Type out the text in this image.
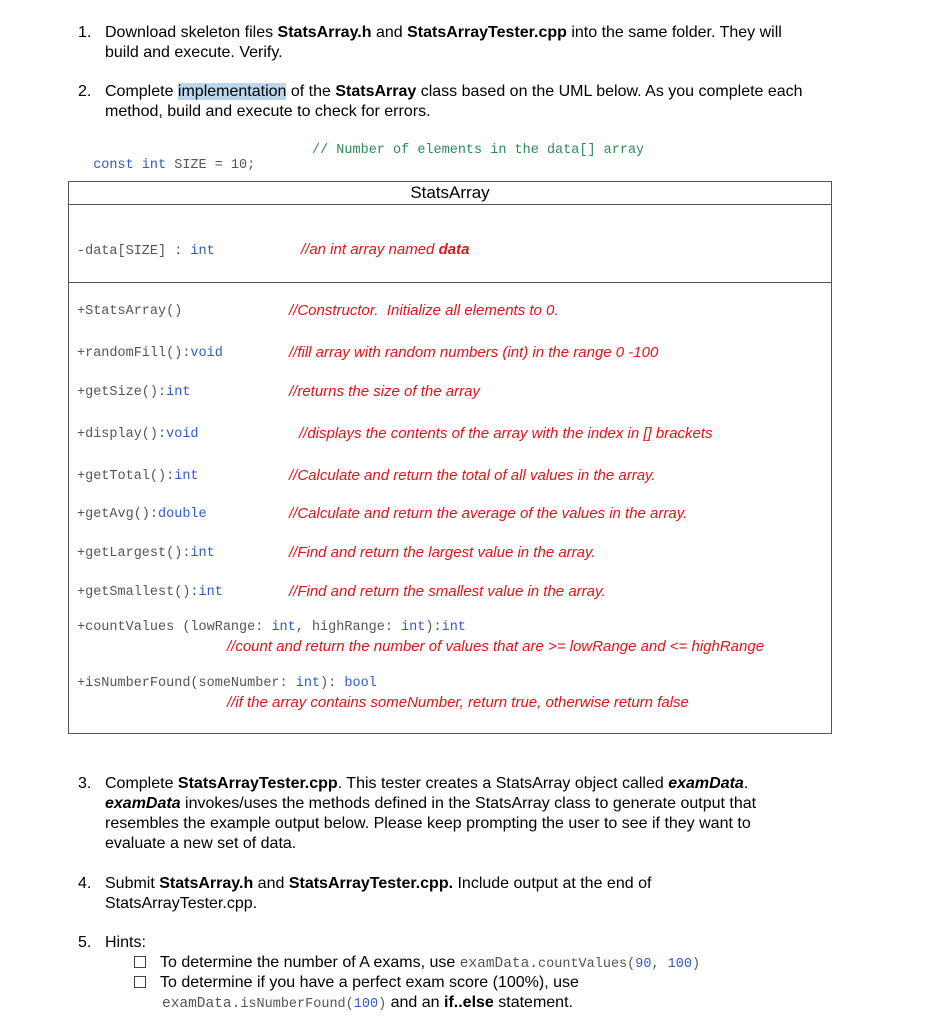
1. Download skeleton files StatsArray.h and StatsArrayTester.cpp into the same folder. They will
build and execute. Verify.
2. Complete implementation of the StatsArray class based on the UML below. As you complete each
method, build and execute to check for errors.

const int SIZE = 10;

// Number of elements in the data[] array
StatsArray
-data[SIZE] : int	//an int array named data
+StatsArray()	//Constructor.  Initialize all elements to 0.
+randomFill():void	//fill array with random numbers (int) in the range 0 -100
+getSize():int	//returns the size of the array
+display():void	//displays the contents of the array with the index in [] brackets
+getTotal():int	//Calculate and return the total of all values in the array.
+getAvg():double	//Calculate and return the average of the values in the array.
+getLargest():int	//Find and return the largest value in the array.
+getSmallest():int	//Find and return the smallest value in the array.
+countValues (lowRange: int, highRange: int):int
//count and return the number of values that are >= lowRange and <= highRange
+isNumberFound(someNumber: int): bool
//if the array contains someNumber, return true, otherwise return false
3. Complete StatsArrayTester.cpp. This tester creates a StatsArray object called examData.
examData invokes/uses the methods defined in the StatsArray class to generate output that
resembles the example output below. Please keep prompting the user to see if they want to
evaluate a new set of data.
4. Submit StatsArray.h and StatsArrayTester.cpp. Include output at the end of
StatsArrayTester.cpp.
5. Hints:
To determine the number of A exams, use examData.countValues(90, 100)
To determine if you have a perfect exam score (100%), use
examData.isNumberFound(100) and an if..else statement.
